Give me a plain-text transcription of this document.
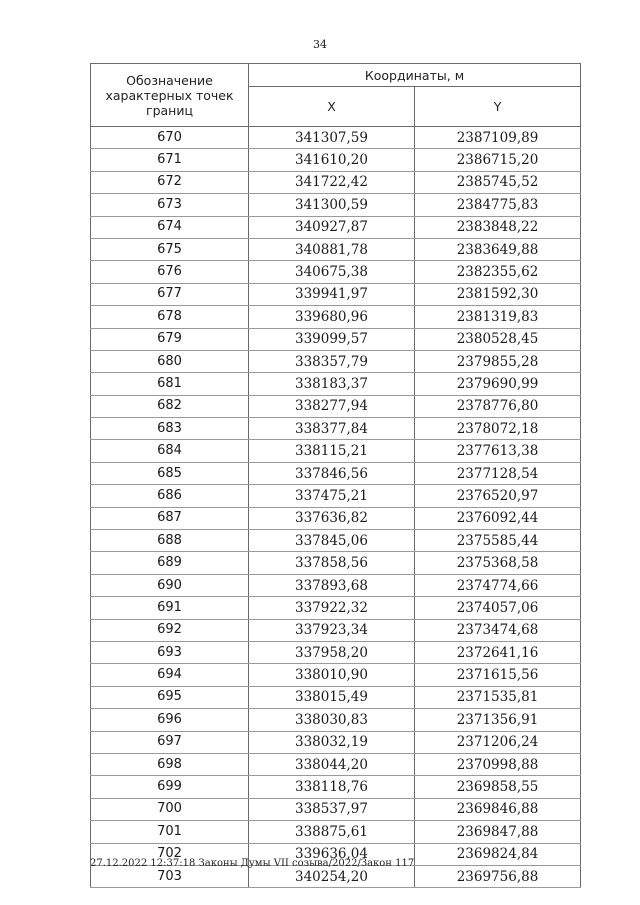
34
Обозначение характерных точек границ	Координаты, м	
	X	Y
670	341307,59	2387109,89
671	341610,20	2386715,20
672	341722,42	2385745,52
673	341300,59	2384775,83
674	340927,87	2383848,22
675	340881,78	2383649,88
676	340675,38	2382355,62
677	339941,97	2381592,30
678	339680,96	2381319,83
679	339099,57	2380528,45
680	338357,79	2379855,28
681	338183,37	2379690,99
682	338277,94	2378776,80
683	338377,84	2378072,18
684	338115,21	2377613,38
685	337846,56	2377128,54
686	337475,21	2376520,97
687	337636,82	2376092,44
688	337845,06	2375585,44
689	337858,56	2375368,58
690	337893,68	2374774,66
691	337922,32	2374057,06
692	337923,34	2373474,68
693	337958,20	2372641,16
694	338010,90	2371615,56
695	338015,49	2371535,81
696	338030,83	2371356,91
697	338032,19	2371206,24
698	338044,20	2370998,88
699	338118,76	2369858,55
700	338537,97	2369846,88
701	338875,61	2369847,88
702	339636,04	2369824,84
703	340254,20	2369756,88
27.12.2022 12:37:18 Законы Думы VII созыва/2022/Закон 117
